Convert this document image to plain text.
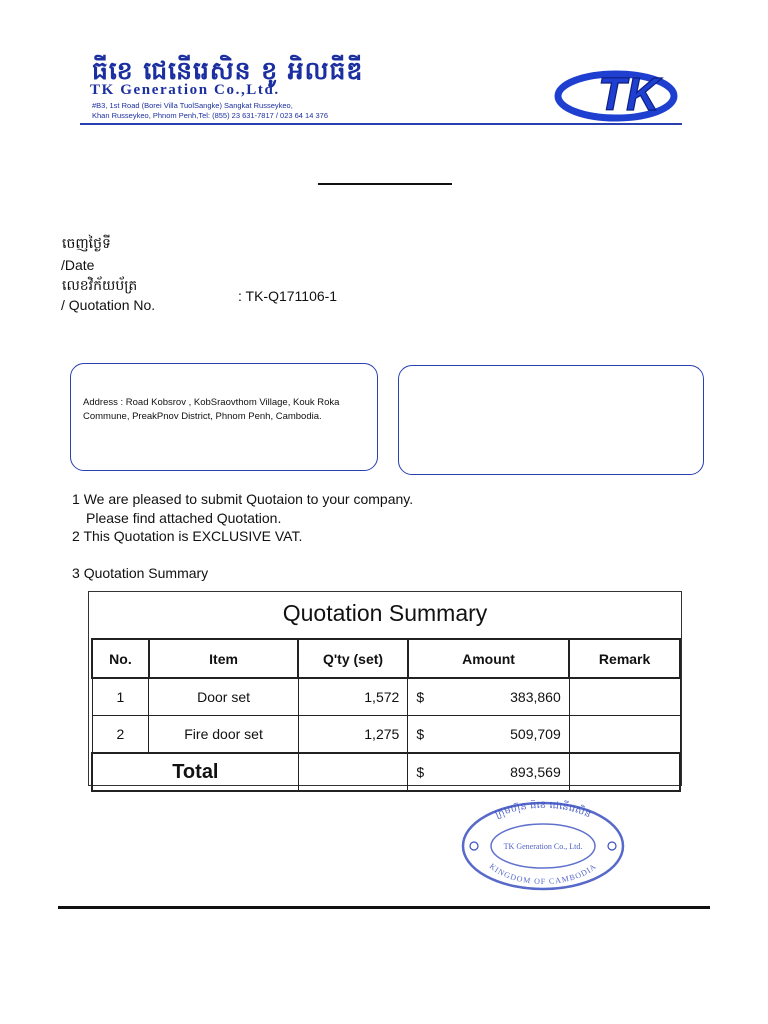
ធីខេ ជេនើរេសិន ខូ អិលធីឌី
TK Generation Co.,Ltd.
#B3, 1st Road (Borei Villa TuolSangke) Sangkat Russeykeo,
Khan Russeykeo, Phnom Penh,Tel: (855) 23 631-7817 / 023 64 14 376	TK
ចេញថ្ងៃទី
/Date
លេខវិក័យប័ត្រ
/ Quotation No.
: TK-Q171106-1
Address : Road Kobsrov , KobSraovthom Village, Kouk Roka Commune, PreakPnov District, Phnom Penh, Cambodia.
1 We are pleased to submit Quotaion to your company.
Please find attached Quotation.
2 This Quotation is EXCLUSIVE VAT.
3 Quotation Summary
Quotation Summary
No.	Item	Q'ty (set)	Amount	Remark
1	Door set	1,572	$ 383,860	

2	Fire door set	1,275	$ 509,709	

Total			$ 893,569	

ក្រុមហ៊ុន ធីខេ ជេនើរេសិន
TK Generation Co., Ltd.
KINGDOM OF CAMBODIA
